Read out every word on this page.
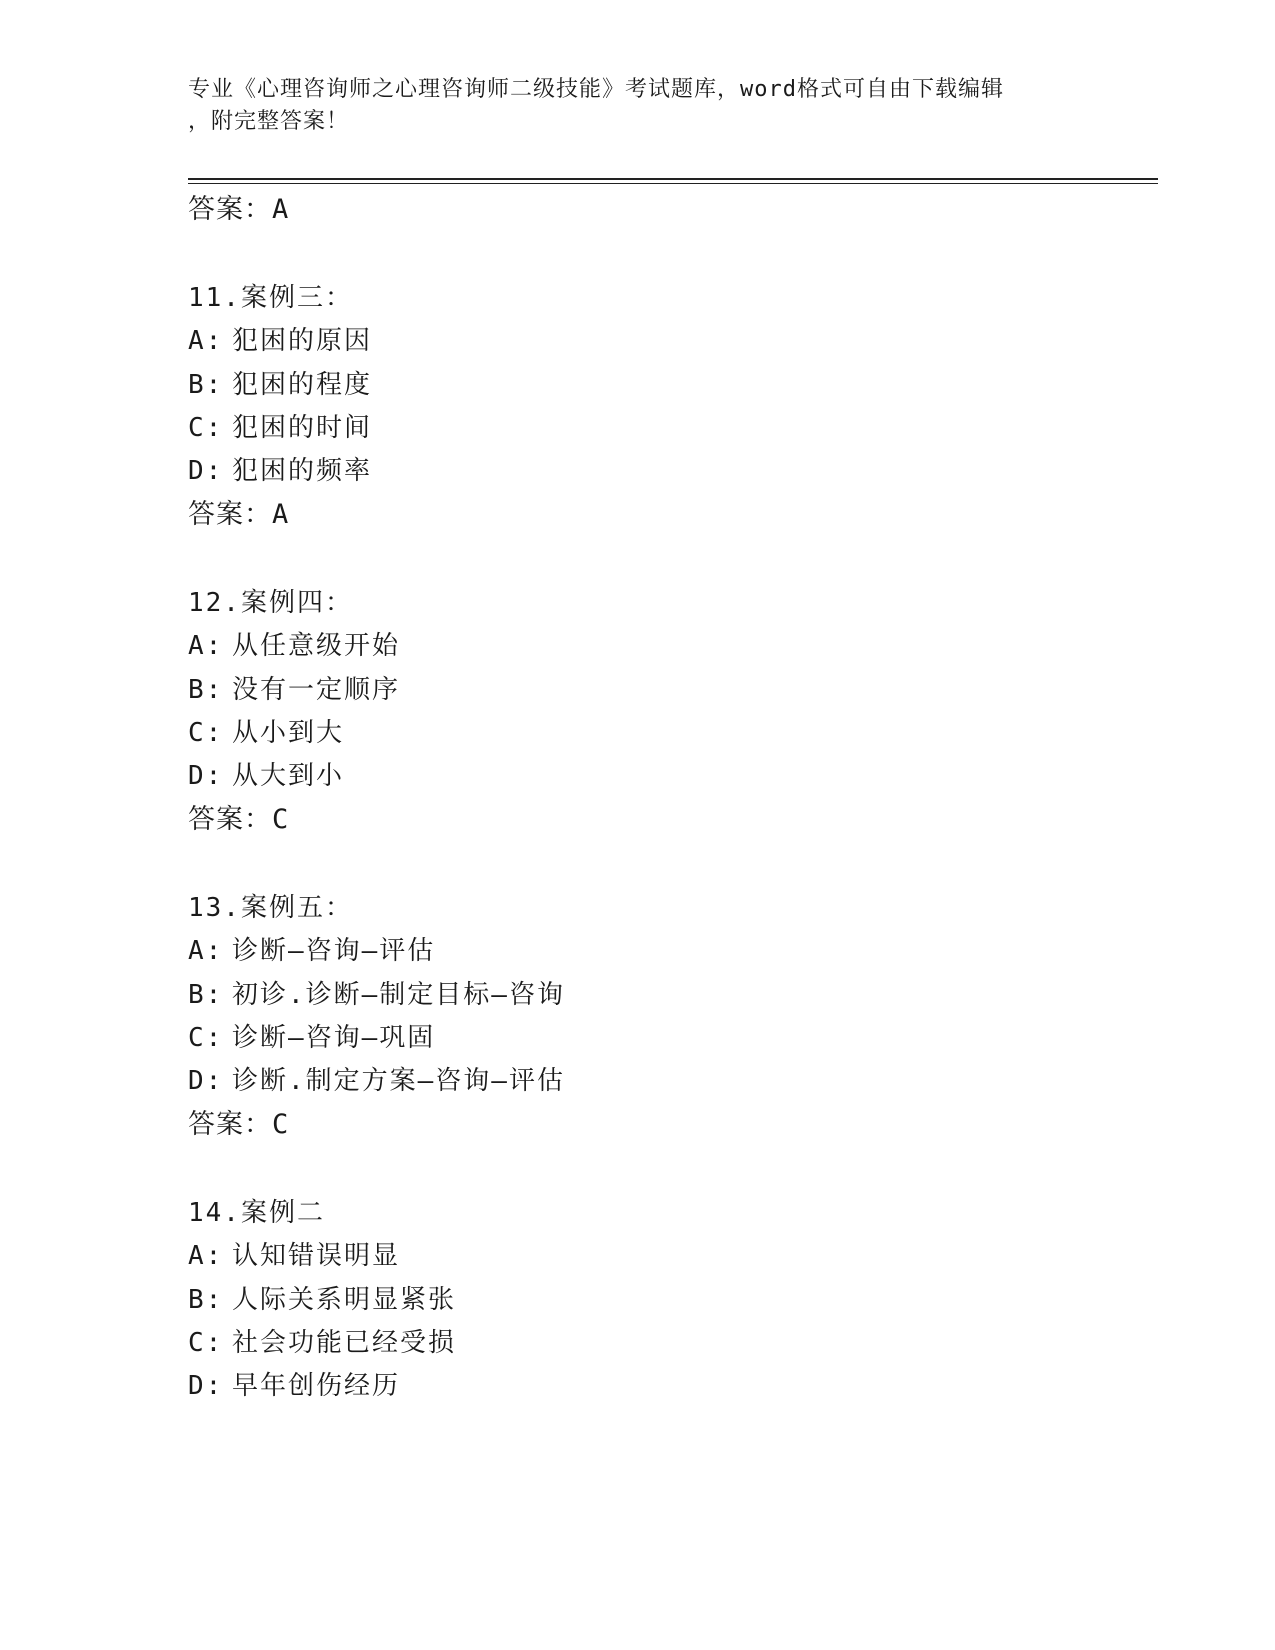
专业《心理咨询师之心理咨询师二级技能》考试题库，word格式可自由下载编辑
，附完整答案！
答案：A
11.案例三：
A: 犯困的原因
B: 犯困的程度
C: 犯困的时间
D: 犯困的频率
答案：A
12.案例四：
A: 从任意级开始
B: 没有一定顺序
C: 从小到大
D: 从大到小
答案：C
13.案例五：
A: 诊断—咨询—评估
B: 初诊.诊断—制定目标—咨询
C: 诊断—咨询—巩固
D: 诊断.制定方案—咨询—评估
答案：C
14.案例二
A: 认知错误明显
B: 人际关系明显紧张
C: 社会功能已经受损
D: 早年创伤经历
